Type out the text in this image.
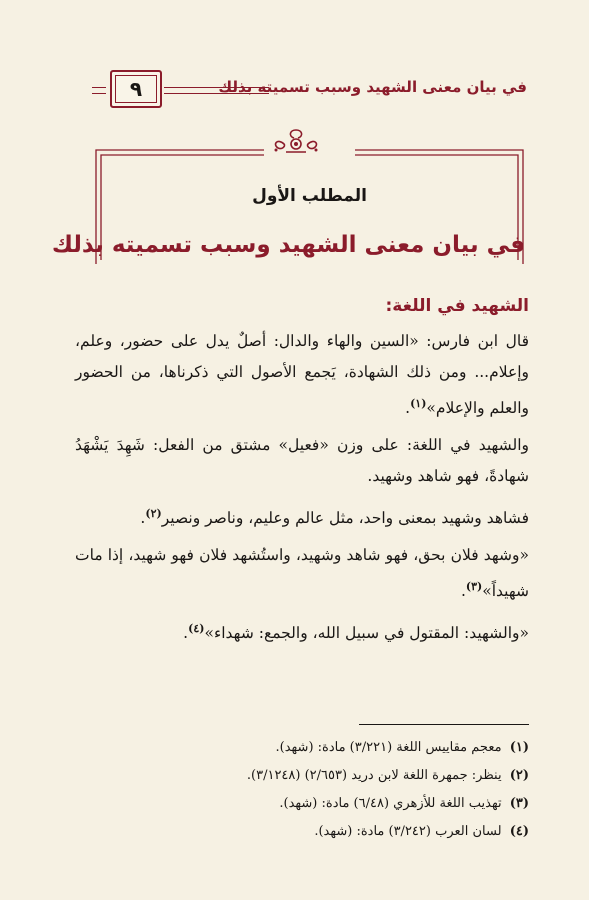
في بيان معنى الشهيد وسبب تسميته بذلك
٩
المطلب الأول
في بيان معنى الشهيد وسبب تسميته بذلك
الشهيد في اللغة:

قال ابن فارس: «السين والهاء والدال: أصلٌ يدل على حضور، وعلم، وإعلام... ومن ذلك الشهادة، يَجمع الأصول التي ذكرناها، من الحضور والعلم والإعلام»$^{(١)}$.

والشهيد في اللغة: على وزن «فعيل» مشتق من الفعل: شَهِدَ يَشْهَدُ شهادةً، فهو شاهد وشهيد.

فشاهد وشهيد بمعنى واحد، مثل عالم وعليم، وناصر ونصير$^{(٢)}$.

«وشهد فلان بحق، فهو شاهد وشهيد، واستُشهد فلان فهو شهيد، إذا مات شهيداً»$^{(٣)}$.

«والشهيد: المقتول في سبيل الله، والجمع: شهداء»$^{(٤)}$.

(١) معجم مقاييس اللغة (٣/٢٢١) مادة: (شهد).
(٢) ينظر: جمهرة اللغة لابن دريد (٢/٦٥٣) (٣/١٢٤٨).
(٣) تهذيب اللغة للأزهري (٦/٤٨) مادة: (شهد).
(٤) لسان العرب (٣/٢٤٢) مادة: (شهد).
